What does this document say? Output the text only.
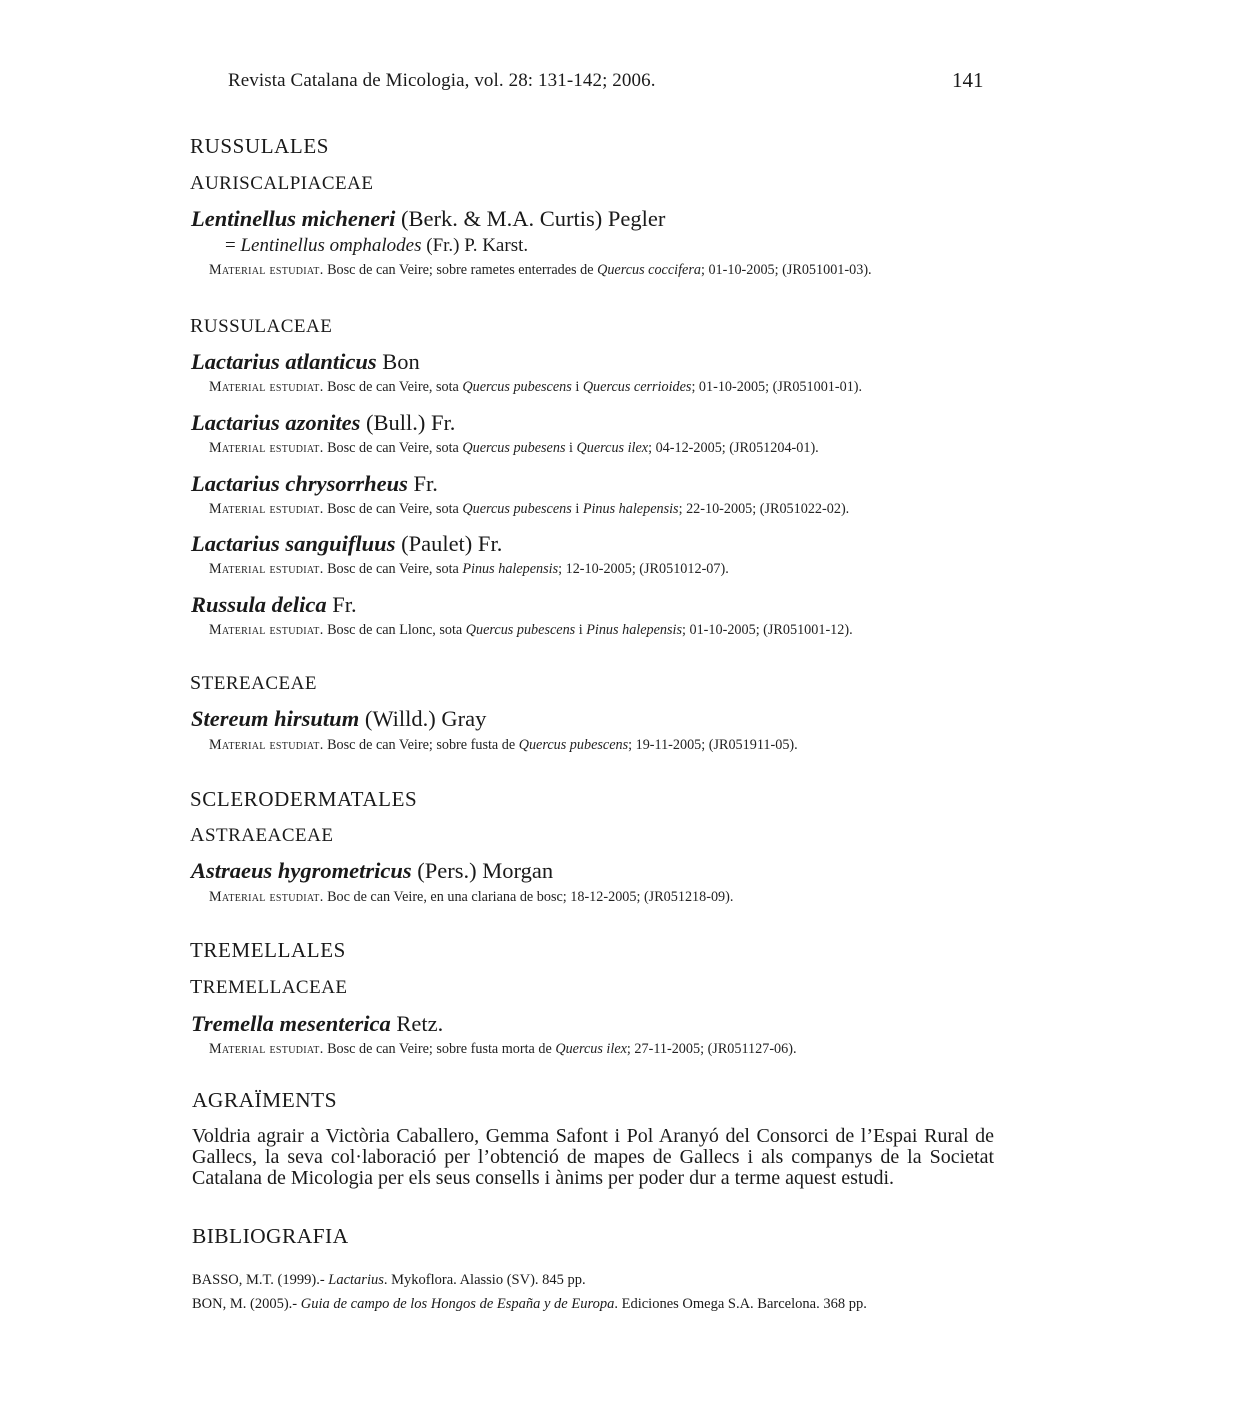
Revista Catalana de Micologia, vol. 28: 131-142; 2006.	141
RUSSULALES
AURISCALPIACEAE
Lentinellus micheneri (Berk. & M.A. Curtis) Pegler
= Lentinellus omphalodes (Fr.) P. Karst.
Material estudiat. Bosc de can Veire; sobre rametes enterrades de Quercus coccifera; 01-10-2005; (JR051001-03).
RUSSULACEAE
Lactarius atlanticus Bon
Material estudiat. Bosc de can Veire, sota Quercus pubescens i Quercus cerrioides; 01-10-2005; (JR051001-01).
Lactarius azonites (Bull.) Fr.
Material estudiat. Bosc de can Veire, sota Quercus pubesens i Quercus ilex; 04-12-2005; (JR051204-01).
Lactarius chrysorrheus Fr.
Material estudiat. Bosc de can Veire, sota Quercus pubescens i Pinus halepensis; 22-10-2005; (JR051022-02).
Lactarius sanguifluus (Paulet) Fr.
Material estudiat. Bosc de can Veire, sota Pinus halepensis; 12-10-2005; (JR051012-07).
Russula delica Fr.
Material estudiat. Bosc de can Llonc, sota Quercus pubescens i Pinus halepensis; 01-10-2005; (JR051001-12).
STEREACEAE
Stereum hirsutum (Willd.) Gray
Material estudiat. Bosc de can Veire; sobre fusta de Quercus pubescens; 19-11-2005; (JR051911-05).
SCLERODERMATALES
ASTRAEACEAE
Astraeus hygrometricus (Pers.) Morgan
Material estudiat. Boc de can Veire, en una clariana de bosc; 18-12-2005; (JR051218-09).
TREMELLALES
TREMELLACEAE
Tremella mesenterica Retz.
Material estudiat. Bosc de can Veire; sobre fusta morta de Quercus ilex; 27-11-2005; (JR051127-06).
AGRAÏMENTS
Voldria agrair a Victòria Caballero, Gemma Safont i Pol Aranyó del Consorci de l’Espai Rural de
Gallecs, la seva col·laboració per l’obtenció de mapes de Gallecs i als companys de la Societat
Catalana de Micologia per els seus consells i ànims per poder dur a terme aquest estudi.
BIBLIOGRAFIA
BASSO, M.T. (1999).- Lactarius. Mykoflora. Alassio (SV). 845 pp.
BON, M. (2005).- Guia de campo de los Hongos de España y de Europa. Ediciones Omega S.A. Barcelona. 368 pp.
